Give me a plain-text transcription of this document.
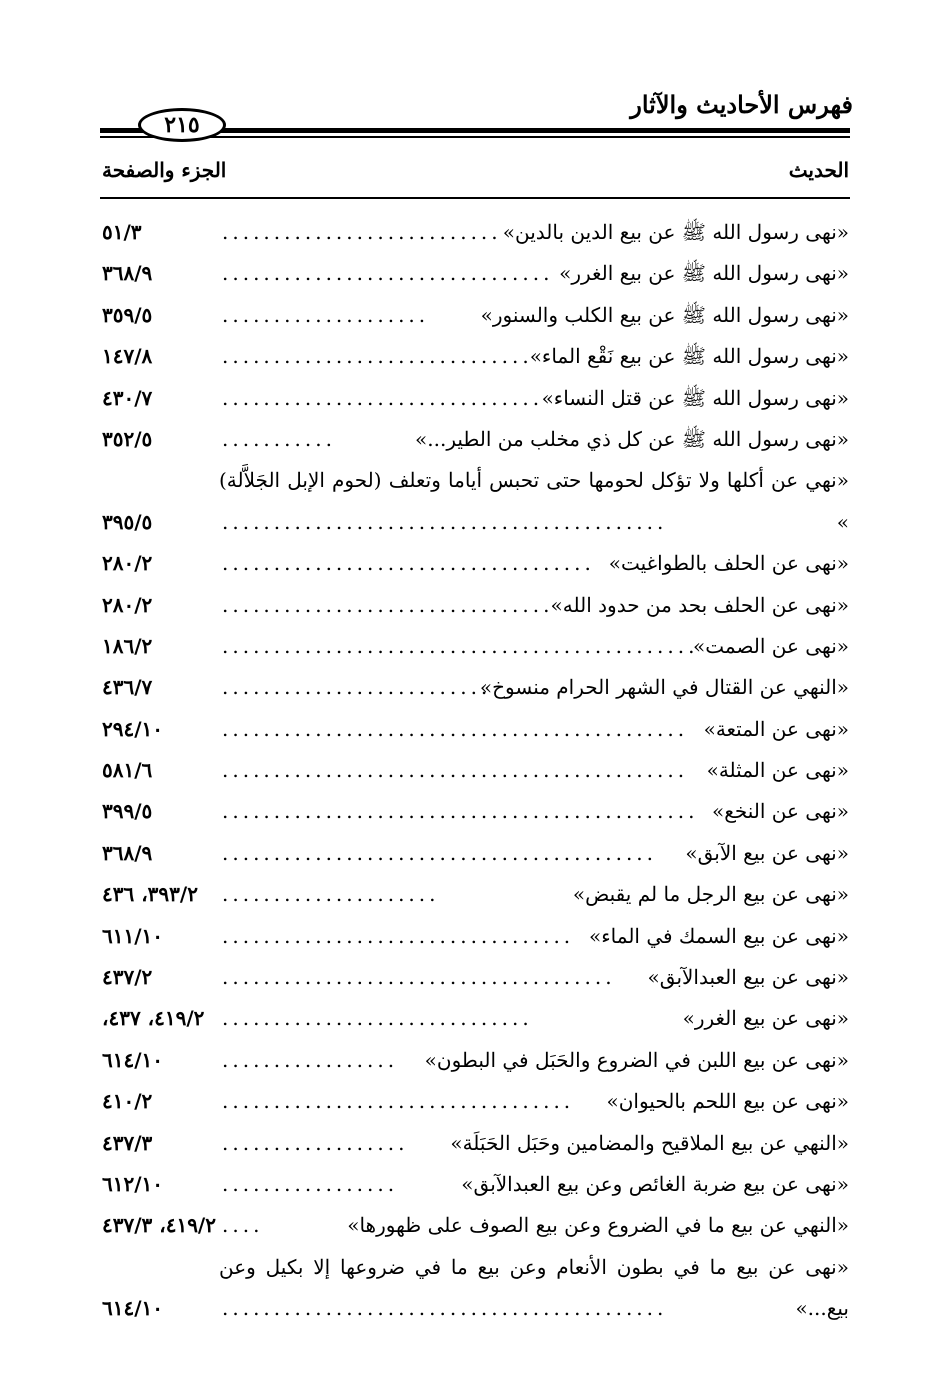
فهرس الأحاديث والآثار
٢١٥
الحديث
الجزء والصفحة
«نهى رسول الله ﷺ عن بيع الدين بالدين»
...........................
٥١/٣
«نهى رسول الله ﷺ عن بيع الغرر»
................................
٣٦٨/٩
«نهى رسول الله ﷺ عن بيع الكلب والسنور»
....................
٣٥٩/٥
«نهى رسول الله ﷺ عن بيع نَقْع الماء»
..............................
١٤٧/٨
«نهى رسول الله ﷺ عن قتل النساء»
...............................
٤٣٠/٧
«نهى رسول الله ﷺ عن كل ذي مخلب من الطير...»
...........
٣٥٢/٥
«نهي عن أكلها ولا تؤكل لحومها حتى تحبس أياما وتعلف (لحوم الإبل الجَلاَّلة) »
...........................................
٣٩٥/٥
«نهى عن الحلف بالطواغيت»
....................................
٢٨٠/٢
«نهى عن الحلف بحد من حدود الله»
................................
٢٨٠/٢
«نهى عن الصمت»
..............................................
١٨٦/٢
«النهي عن القتال في الشهر الحرام منسوخ»
..........................
٤٣٦/٧
«نهى عن المتعة»
.............................................
٢٩٤/١٠
«نهى عن المثلة»
.............................................
٥٨١/٦
«نهى عن النخع»
..............................................
٣٩٩/٥
«نهى عن بيع الآبق»
..........................................
٣٦٨/٩
«نهى عن بيع الرجل ما لم يقبض»
.....................
٣٩٣/٢، ٤٣٦
«نهى عن بيع السمك في الماء»
..................................
٦١١/١٠
«نهى عن بيع العبدالآبق»
......................................
٤٣٧/٢
«نهى عن بيع الغرر»
..............................
٤١٩/٢، ٤٣٧،
«نهى عن بيع اللبن في الضروع والحَبَل في البطون»
.................
٦١٤/١٠
«نهى عن بيع اللحم بالحيوان»
..................................
٤١٠/٢
«النهي عن بيع الملاقيح والمضامين وحَبَل الحَبَلَة»
..................
٤٣٧/٣
«نهى عن بيع ضربة الغائص وعن بيع العبدالآبق»
.................
٦١٢/١٠
«النهي عن بيع ما في الضروع وعن بيع الصوف على ظهورها»
....
٤١٩/٢، ٤٣٧/٣
«نهى عن بيع ما في بطون الأنعام وعن بيع ما في ضروعها إلا بكيل وعن بيع...»
...........................................
٦١٤/١٠
